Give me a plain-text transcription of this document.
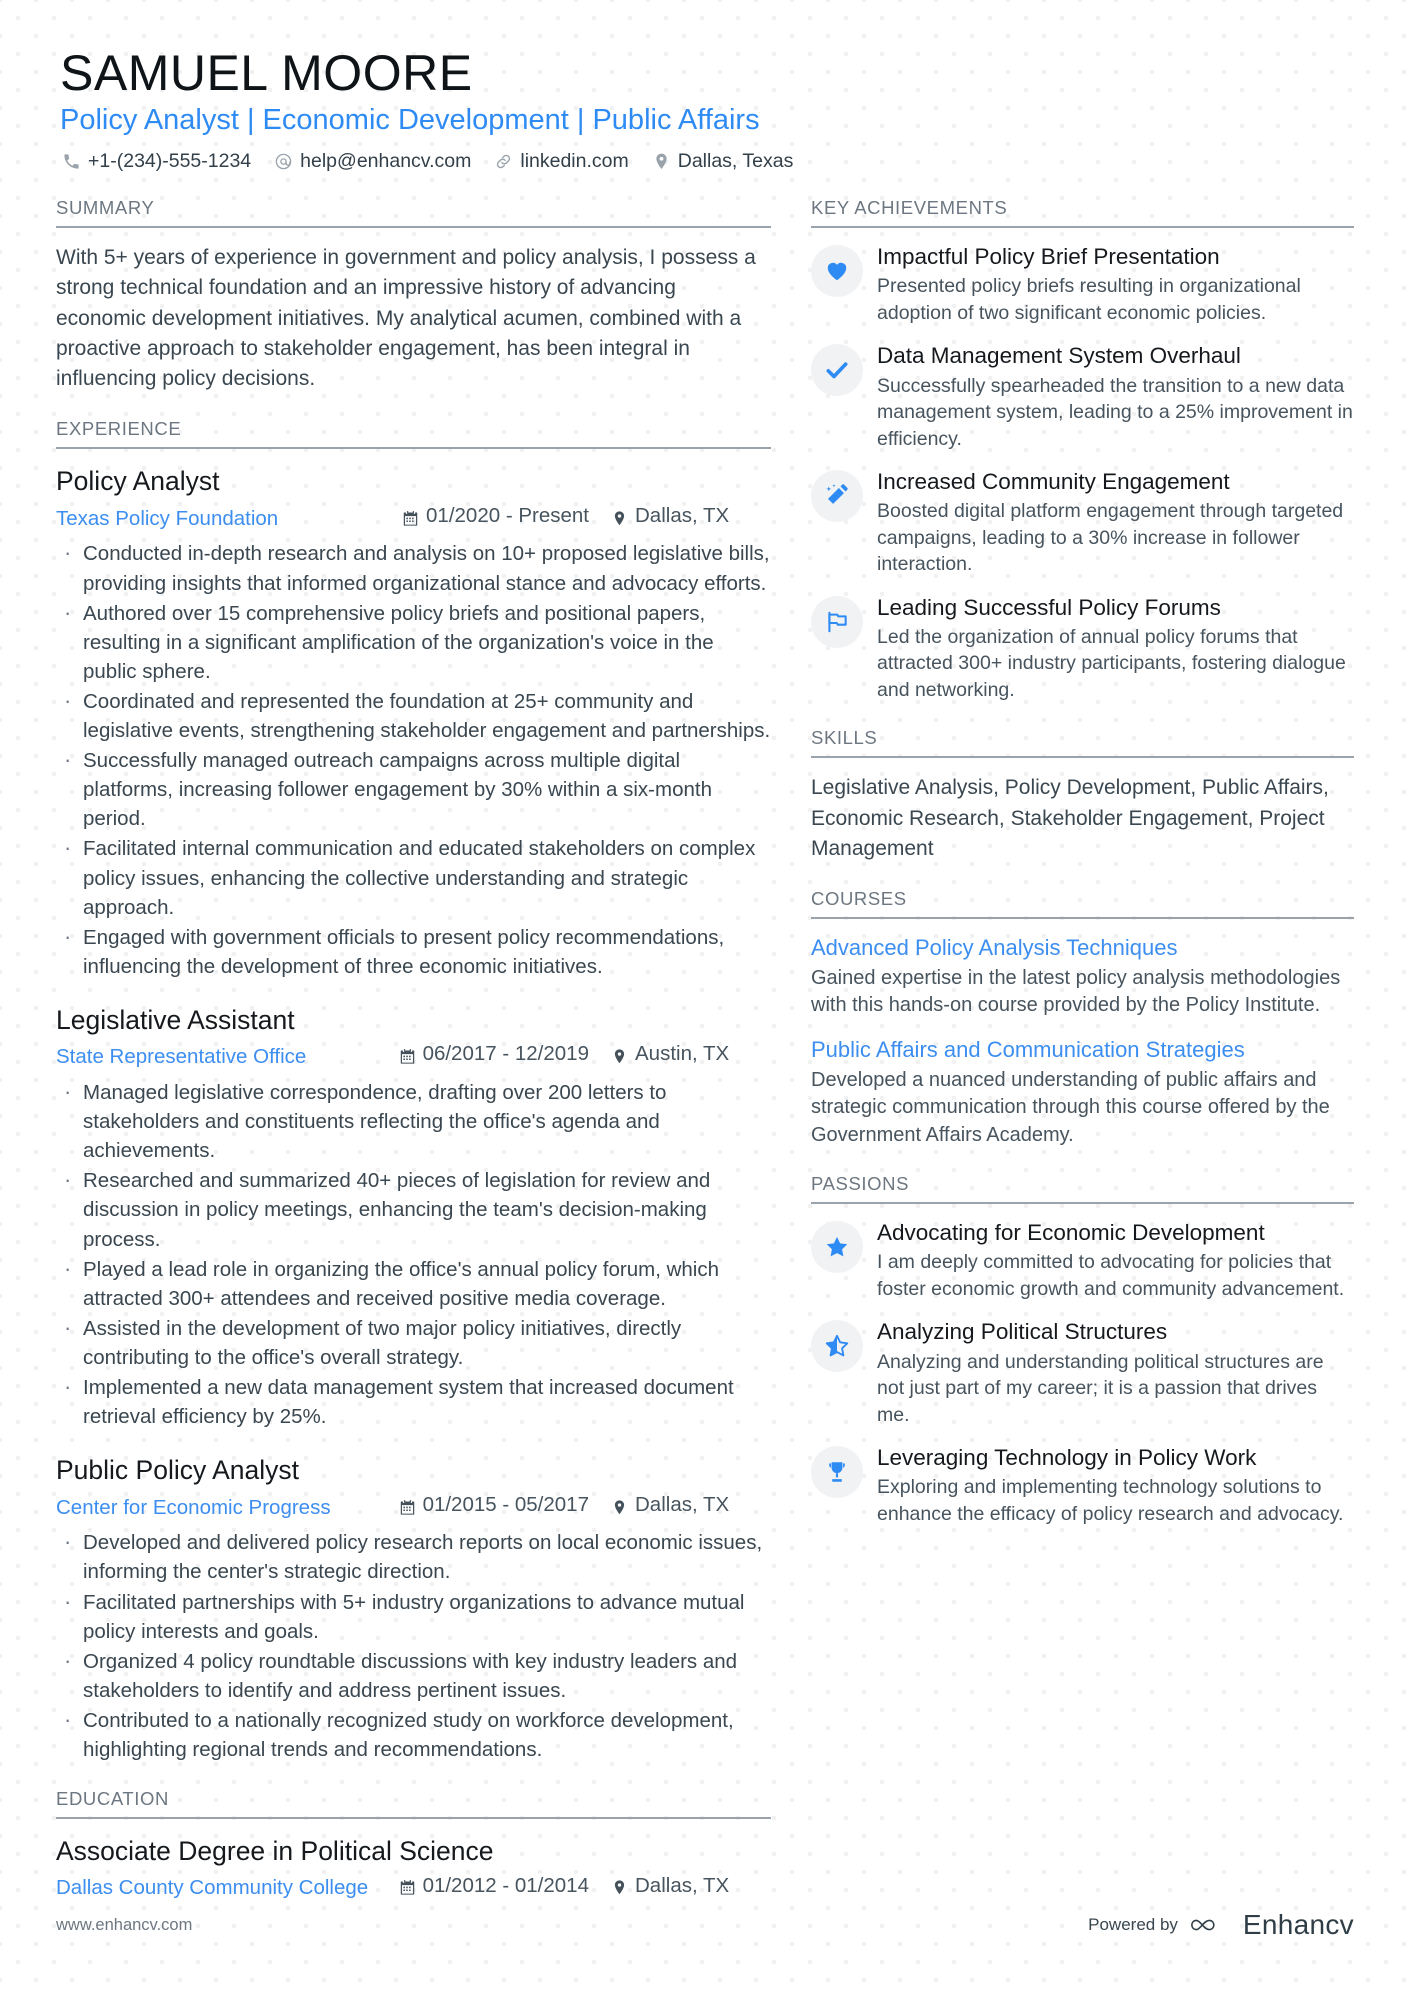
SAMUEL MOORE
Policy Analyst | Economic Development | Public Affairs
+1-(234)-555-1234	help@enhancv.com	linkedin.com	Dallas, Texas
SUMMARY
With 5+ years of experience in government and policy analysis, I possess a strong technical foundation and an impressive history of advancing economic development initiatives. My analytical acumen, combined with a proactive approach to stakeholder engagement, has been integral in influencing policy decisions.
EXPERIENCE
Policy Analyst
Texas Policy Foundation	01/2020 - Present Dallas, TX
· Conducted in-depth research and analysis on 10+ proposed legislative bills, providing insights that informed organizational stance and advocacy efforts.
· Authored over 15 comprehensive policy briefs and positional papers, resulting in a significant amplification of the organization's voice in the public sphere.
· Coordinated and represented the foundation at 25+ community and legislative events, strengthening stakeholder engagement and partnerships.
· Successfully managed outreach campaigns across multiple digital platforms, increasing follower engagement by 30% within a six-month period.
· Facilitated internal communication and educated stakeholders on complex policy issues, enhancing the collective understanding and strategic approach.
· Engaged with government officials to present policy recommendations, influencing the development of three economic initiatives.
Legislative Assistant
State Representative Office	06/2017 - 12/2019 Austin, TX
· Managed legislative correspondence, drafting over 200 letters to stakeholders and constituents reflecting the office's agenda and achievements.
· Researched and summarized 40+ pieces of legislation for review and discussion in policy meetings, enhancing the team's decision-making process.
· Played a lead role in organizing the office's annual policy forum, which attracted 300+ attendees and received positive media coverage.
· Assisted in the development of two major policy initiatives, directly contributing to the office's overall strategy.
· Implemented a new data management system that increased document retrieval efficiency by 25%.
Public Policy Analyst
Center for Economic Progress	01/2015 - 05/2017 Dallas, TX
· Developed and delivered policy research reports on local economic issues, informing the center's strategic direction.
· Facilitated partnerships with 5+ industry organizations to advance mutual policy interests and goals.
· Organized 4 policy roundtable discussions with key industry leaders and stakeholders to identify and address pertinent issues.
· Contributed to a nationally recognized study on workforce development, highlighting regional trends and recommendations.
EDUCATION
Associate Degree in Political Science
Dallas County Community College	01/2012 - 01/2014 Dallas, TX
KEY ACHIEVEMENTS
Impactful Policy Brief Presentation
Presented policy briefs resulting in organizational adoption of two significant economic policies.
Data Management System Overhaul
Successfully spearheaded the transition to a new data management system, leading to a 25% improvement in efficiency.
Increased Community Engagement
Boosted digital platform engagement through targeted campaigns, leading to a 30% increase in follower interaction.
Leading Successful Policy Forums
Led the organization of annual policy forums that attracted 300+ industry participants, fostering dialogue and networking.
SKILLS
Legislative Analysis, Policy Development, Public Affairs, Economic Research, Stakeholder Engagement, Project Management
COURSES
Advanced Policy Analysis Techniques
Gained expertise in the latest policy analysis methodologies with this hands-on course provided by the Policy Institute.
Public Affairs and Communication Strategies
Developed a nuanced understanding of public affairs and strategic communication through this course offered by the Government Affairs Academy.
PASSIONS
Advocating for Economic Development
I am deeply committed to advocating for policies that foster economic growth and community advancement.
Analyzing Political Structures
Analyzing and understanding political structures are not just part of my career; it is a passion that drives me.
Leveraging Technology in Policy Work
Exploring and implementing technology solutions to enhance the efficacy of policy research and advocacy.
www.enhancv.com	Powered by Enhancv
